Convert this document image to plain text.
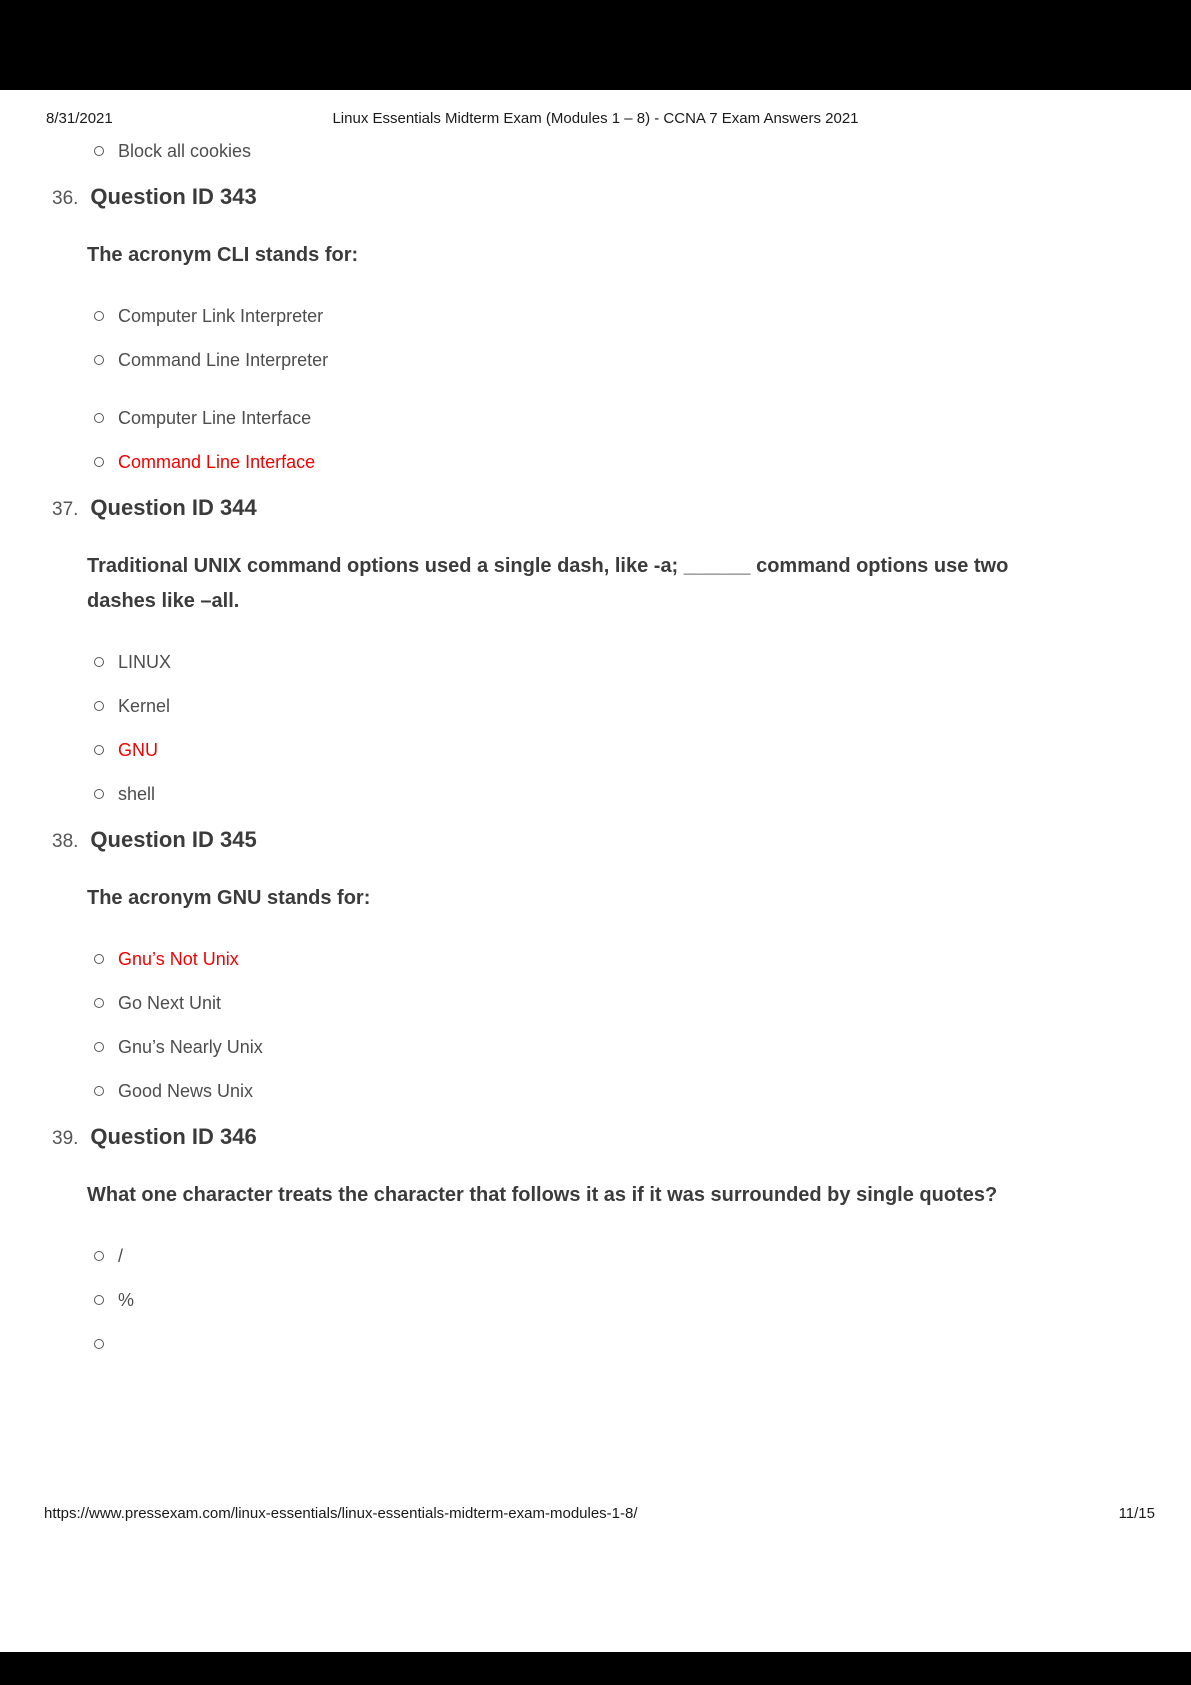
8/31/2021	Linux Essentials Midterm Exam (Modules 1 – 8) - CCNA 7 Exam Answers 2021
Block all cookies
36. Question ID 343

The acronym CLI stands for:

Computer Link Interpreter
Command Line Interpreter
Computer Line Interface
Command Line Interface
37. Question ID 344

Traditional UNIX command options used a single dash, like -a; ______ command options use two dashes like –all.

LINUX
Kernel
GNU
shell
38. Question ID 345

The acronym GNU stands for:

Gnu’s Not Unix
Go Next Unit
Gnu’s Nearly Unix
Good News Unix
39. Question ID 346

What one character treats the character that follows it as if it was surrounded by single quotes?

/
%
https://www.pressexam.com/linux-essentials/linux-essentials-midterm-exam-modules-1-8/	11/15
